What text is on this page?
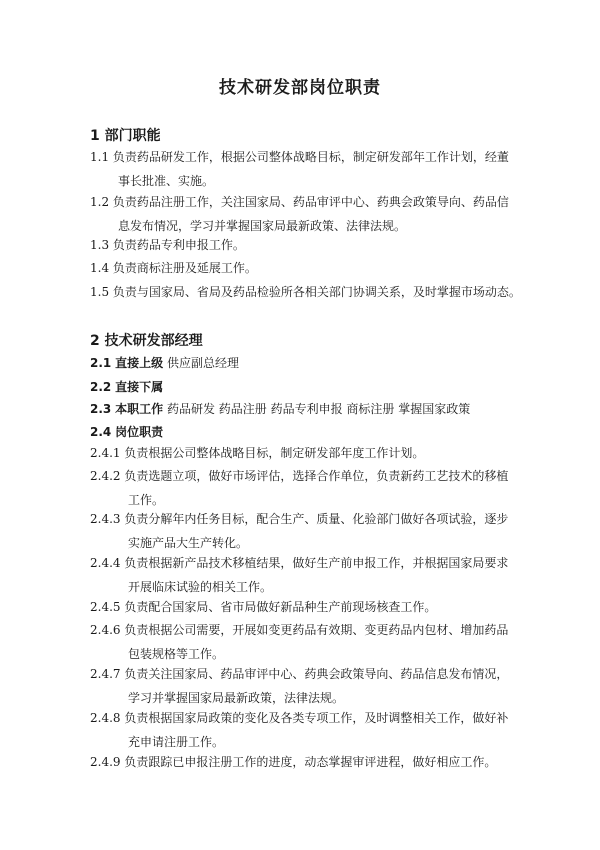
技术研发部岗位职责
1 部门职能
1.1 负责药品研发工作，根据公司整体战略目标，制定研发部年工作计划，经董
事长批准、实施。
1.2 负责药品注册工作，关注国家局、药品审评中心、药典会政策导向、药品信
息发布情况，学习并掌握国家局最新政策、法律法规。
1.3 负责药品专利申报工作。
1.4 负责商标注册及延展工作。
1.5 负责与国家局、省局及药品检验所各相关部门协调关系，及时掌握市场动态。
2 技术研发部经理
2.1 直接上级 供应副总经理
2.2 直接下属
2.3 本职工作 药品研发 药品注册 药品专利申报 商标注册 掌握国家政策
2.4 岗位职责
2.4.1 负责根据公司整体战略目标，制定研发部年度工作计划。
2.4.2 负责选题立项，做好市场评估，选择合作单位，负责新药工艺技术的移植
工作。
2.4.3 负责分解年内任务目标，配合生产、质量、化验部门做好各项试验，逐步
实施产品大生产转化。
2.4.4 负责根据新产品技术移植结果，做好生产前申报工作，并根据国家局要求
开展临床试验的相关工作。
2.4.5 负责配合国家局、省市局做好新品种生产前现场核查工作。
2.4.6 负责根据公司需要，开展如变更药品有效期、变更药品内包材、增加药品
包装规格等工作。
2.4.7 负责关注国家局、药品审评中心、药典会政策导向、药品信息发布情况，
学习并掌握国家局最新政策，法律法规。
2.4.8 负责根据国家局政策的变化及各类专项工作，及时调整相关工作，做好补
充申请注册工作。
2.4.9 负责跟踪已申报注册工作的进度，动态掌握审评进程，做好相应工作。
